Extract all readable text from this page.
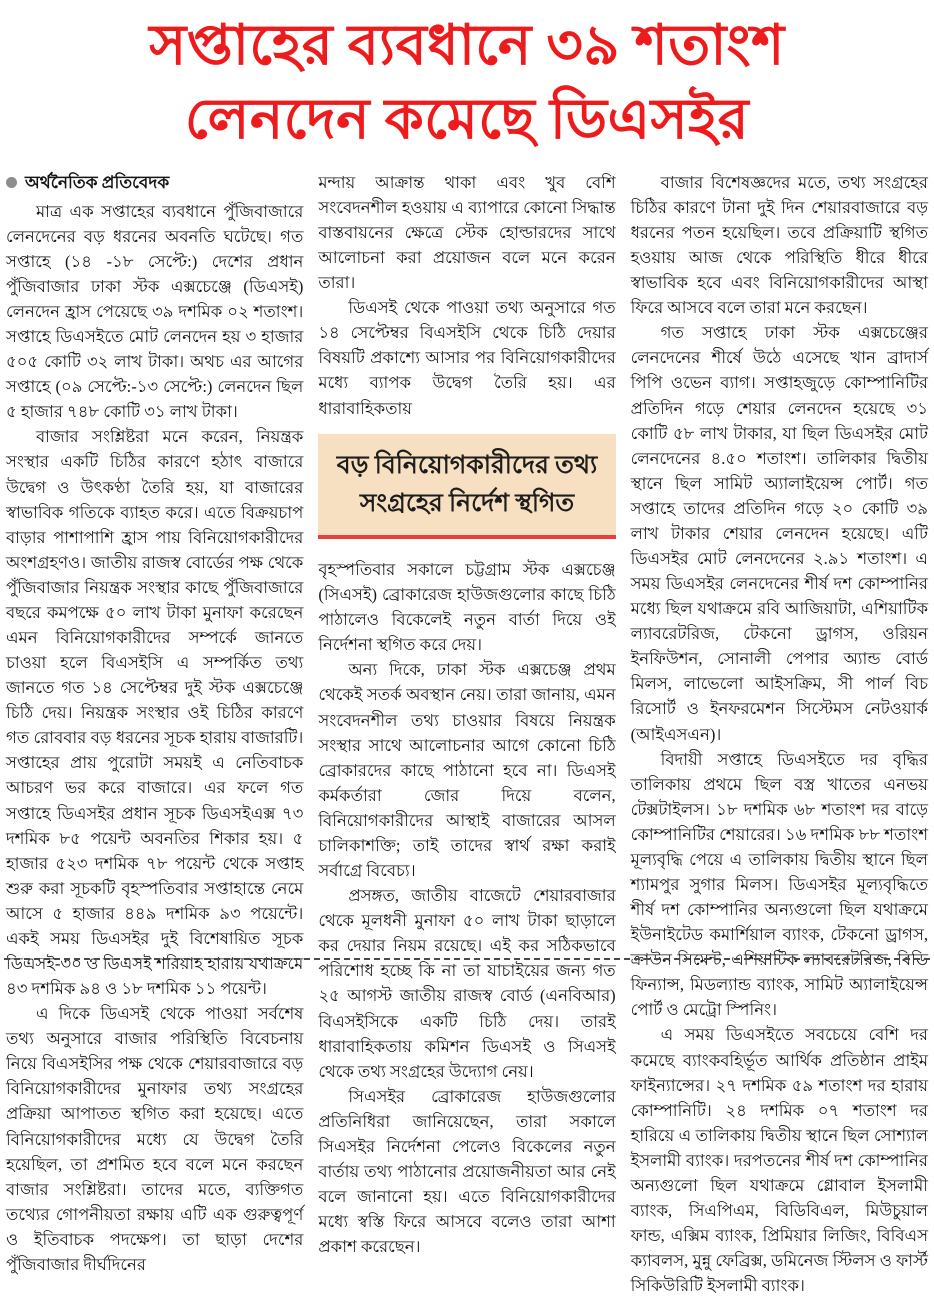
সপ্তাহের ব্যবধানে ৩৯ শতাংশ
লেনদেন কমেছে ডিএসইর
অর্থনৈতিক প্রতিবেদক

মাত্র এক সপ্তাহের ব্যবধানে পুঁজিবাজারে লেনদেনের বড় ধরনের অবনতি ঘটেছে। গত সপ্তাহে (১৪ -১৮ সেপ্টে:) দেশের প্রধান পুঁজিবাজার ঢাকা স্টক এক্সচেঞ্জে (ডিএসই) লেনদেন হ্রাস পেয়েছে ৩৯ দশমিক ০২ শতাংশ। সপ্তাহে ডিএসইতে মোট লেনদেন হয় ৩ হাজার ৫০৫ কোটি ৩২ লাখ টাকা। অথচ এর আগের সপ্তাহে (০৯ সেপ্টে:-১৩ সেপ্টে:) লেনদেন ছিল ৫ হাজার ৭৪৮ কোটি ৩১ লাখ টাকা।

বাজার সংশ্লিষ্টরা মনে করেন, নিয়ন্ত্রক সংস্থার একটি চিঠির কারণে হঠাৎ বাজারে উদ্বেগ ও উৎকণ্ঠা তৈরি হয়, যা বাজারের স্বাভাবিক গতিকে ব্যাহত করে। এতে বিক্রয়চাপ বাড়ার পাশাপাশি হ্রাস পায় বিনিয়োগকারীদের অংশগ্রহণও। জাতীয় রাজস্ব বোর্ডের পক্ষ থেকে পুঁজিবাজার নিয়ন্ত্রক সংস্থার কাছে পুঁজিবাজারে বছরে কমপক্ষে ৫০ লাখ টাকা মুনাফা করেছেন এমন বিনিয়োগকারীদের সম্পর্কে জানতে চাওয়া হলে বিএসইসি এ সম্পর্কিত তথ্য জানতে গত ১৪ সেপ্টেম্বর দুই স্টক এক্সচেঞ্জে চিঠি দেয়। নিয়ন্ত্রক সংস্থার ওই চিঠির কারণে গত রোববার বড় ধরনের সূচক হারায় বাজারটি। সপ্তাহের প্রায় পুরোটা সময়ই এ নেতিবাচক আচরণ ভর করে বাজারে। এর ফলে গত সপ্তাহে ডিএসইর প্রধান সূচক ডিএসইএক্স ৭৩ দশমিক ৮৫ পয়েন্ট অবনতির শিকার হয়। ৫ হাজার ৫২৩ দশমিক ৭৮ পয়েন্ট থেকে সপ্তাহ শুরু করা সূচকটি বৃহস্পতিবার সপ্তাহান্তে নেমে আসে ৫ হাজার ৪৪৯ দশমিক ৯৩ পয়েন্টে। একই সময় ডিএসইর দুই বিশেষায়িত সূচক ডিএসই-৩০ ও ডিএসই শরিয়াহ হারায় যথাক্রমে ৪৩ দশমিক ৯৪ ও ১৮ দশমিক ১১ পয়েন্ট।

এ দিকে ডিএসই থেকে পাওয়া সর্বশেষ তথ্য অনুসারে বাজার পরিস্থিতি বিবেচনায় নিয়ে বিএসইসির পক্ষ থেকে শেয়ারবাজারে বড় বিনিয়োগকারীদের মুনাফার তথ্য সংগ্রহের প্রক্রিয়া আপাতত স্থগিত করা হয়েছে। এতে বিনিয়োগকারীদের মধ্যে যে উদ্বেগ তৈরি হয়েছিল, তা প্রশমিত হবে বলে মনে করছেন বাজার সংশ্লিষ্টরা। তাদের মতে, ব্যক্তিগত তথ্যের গোপনীয়তা রক্ষায় এটি এক গুরুত্বপূর্ণ ও ইতিবাচক পদক্ষেপ। তা ছাড়া দেশের পুঁজিবাজার দীর্ঘদিনের

মন্দায় আক্রান্ত থাকা এবং খুব বেশি সংবেদনশীল হওয়ায় এ ব্যাপারে কোনো সিদ্ধান্ত বাস্তবায়নের ক্ষেত্রে স্টেক হোল্ডারদের সাথে আলোচনা করা প্রয়োজন বলে মনে করেন তারা।

ডিএসই থেকে পাওয়া তথ্য অনুসারে গত ১৪ সেপ্টেম্বর বিএসইসি থেকে চিঠি দেয়ার বিষয়টি প্রকাশ্যে আসার পর বিনিয়োগকারীদের মধ্যে ব্যাপক উদ্বেগ তৈরি হয়। এর ধারাবাহিকতায়

বড় বিনিয়োগকারীদের তথ্য
সংগ্রহের নির্দেশ স্থগিত

বৃহস্পতিবার সকালে চট্টগ্রাম স্টক এক্সচেঞ্জ (সিএসই) ব্রোকারেজ হাউজগুলোর কাছে চিঠি পাঠালেও বিকেলেই নতুন বার্তা দিয়ে ওই নির্দেশনা স্থগিত করে দেয়।

অন্য দিকে, ঢাকা স্টক এক্সচেঞ্জ প্রথম থেকেই সতর্ক অবস্থান নেয়। তারা জানায়, এমন সংবেদনশীল তথ্য চাওয়ার বিষয়ে নিয়ন্ত্রক সংস্থার সাথে আলোচনার আগে কোনো চিঠি ব্রোকারদের কাছে পাঠানো হবে না। ডিএসই কর্মকর্তারা জোর দিয়ে বলেন, বিনিয়োগকারীদের আস্থাই বাজারের আসল চালিকাশক্তি; তাই তাদের স্বার্থ রক্ষা করাই সর্বাগ্রে বিবেচ্য।

প্রসঙ্গত, জাতীয় বাজেটে শেয়ারবাজার থেকে মূলধনী মুনাফা ৫০ লাখ টাকা ছাড়ালে কর দেয়ার নিয়ম রয়েছে। এই কর সঠিকভাবে পরিশোধ হচ্ছে কি না তা যাচাইয়ের জন্য গত ২৫ আগস্ট জাতীয় রাজস্ব বোর্ড (এনবিআর) বিএসইসিকে একটি চিঠি দেয়। তারই ধারাবাহিকতায় কমিশন ডিএসই ও সিএসই থেকে তথ্য সংগ্রহের উদ্যোগ নেয়।

সিএসইর ব্রোকারেজ হাউজগুলোর প্রতিনিধিরা জানিয়েছেন, তারা সকালে সিএসইর নির্দেশনা পেলেও বিকেলের নতুন বার্তায় তথ্য পাঠানোর প্রয়োজনীয়তা আর নেই বলে জানানো হয়। এতে বিনিয়োগকারীদের মধ্যে স্বস্তি ফিরে আসবে বলেও তারা আশা প্রকাশ করেছেন।

বাজার বিশেষজ্ঞদের মতে, তথ্য সংগ্রহের চিঠির কারণে টানা দুই দিন শেয়ারবাজারে বড় ধরনের পতন হয়েছিল। তবে প্রক্রিয়াটি স্থগিত হওয়ায় আজ থেকে পরিস্থিতি ধীরে ধীরে স্বাভাবিক হবে এবং বিনিয়োগকারীদের আস্থা ফিরে আসবে বলে তারা মনে করছেন।

গত সপ্তাহে ঢাকা স্টক এক্সচেঞ্জের লেনদেনের শীর্ষে উঠে এসেছে খান ব্রাদার্স পিপি ওভেন ব্যাগ। সপ্তাহজুড়ে কোম্পানিটির প্রতিদিন গড়ে শেয়ার লেনদেন হয়েছে ৩১ কোটি ৫৮ লাখ টাকার, যা ছিল ডিএসইর মোট লেনদেনের ৪.৫০ শতাংশ। তালিকার দ্বিতীয় স্থানে ছিল সামিট অ্যালাইয়েন্স পোর্ট। গত সপ্তাহে তাদের প্রতিদিন গড়ে ২০ কোটি ৩৯ লাখ টাকার শেয়ার লেনদেন হয়েছে। এটি ডিএসইর মোট লেনদেনের ২.৯১ শতাংশ। এ সময় ডিএসইর লেনদেনের শীর্ষ দশ কোম্পানির মধ্যে ছিল যথাক্রমে রবি আজিয়াটা, এশিয়াটিক ল্যাবরেটরিজ, টেকনো ড্রাগস, ওরিয়ন ইনফিউশন, সোনালী পেপার অ্যান্ড বোর্ড মিলস, লাভেলো আইসক্রিম, সী পার্ল বিচ রিসোর্ট ও ইনফরমেশন সিস্টেমস নেটওয়ার্ক (আইএসএন)।

বিদায়ী সপ্তাহে ডিএসইতে দর বৃদ্ধির তালিকায় প্রথমে ছিল বস্ত্র খাতের এনভয় টেক্সটাইলস। ১৮ দশমিক ৬৮ শতাংশ দর বাড়ে কোম্পানিটির শেয়ারের। ১৬ দশমিক ৮৮ শতাংশ মূল্যবৃদ্ধি পেয়ে এ তালিকায় দ্বিতীয় স্থানে ছিল শ্যামপুর সুগার মিলস। ডিএসইর মূল্যবৃদ্ধিতে শীর্ষ দশ কোম্পানির অন্যগুলো ছিল যথাক্রমে ইউনাইটেড কমার্শিয়াল ব্যাংক, টেকনো ড্রাগস, ক্রাউন সিমেন্ট, এশিয়াটিক ল্যাবরেটরিজ, বিডি ফিন্যান্স, মিডল্যান্ড ব্যাংক, সামিট অ্যালাইয়েন্স পোর্ট ও মেট্রো স্পিনিং।

এ সময় ডিএসইতে সবচেয়ে বেশি দর কমেছে ব্যাংকবহির্ভূত আর্থিক প্রতিষ্ঠান প্রাইম ফাইন্যান্সের। ২৭ দশমিক ৫৯ শতাংশ দর হারায় কোম্পানিটি। ২৪ দশমিক ০৭ শতাংশ দর হারিয়ে এ তালিকায় দ্বিতীয় স্থানে ছিল সোশ্যাল ইসলামী ব্যাংক। দরপতনের শীর্ষ দশ কোম্পানির অন্যগুলো ছিল যথাক্রমে গ্লোবাল ইসলামী ব্যাংক, সিএপিএম, বিডিবিএল, মিউচুয়াল ফান্ড, এক্সিম ব্যাংক, প্রিমিয়ার লিজিং, বিবিএস ক্যাবলস, মুন্নু ফেব্রিক্স, ডমিনেজ স্টিলস ও ফার্স্ট সিকিউরিটি ইসলামী ব্যাংক।
